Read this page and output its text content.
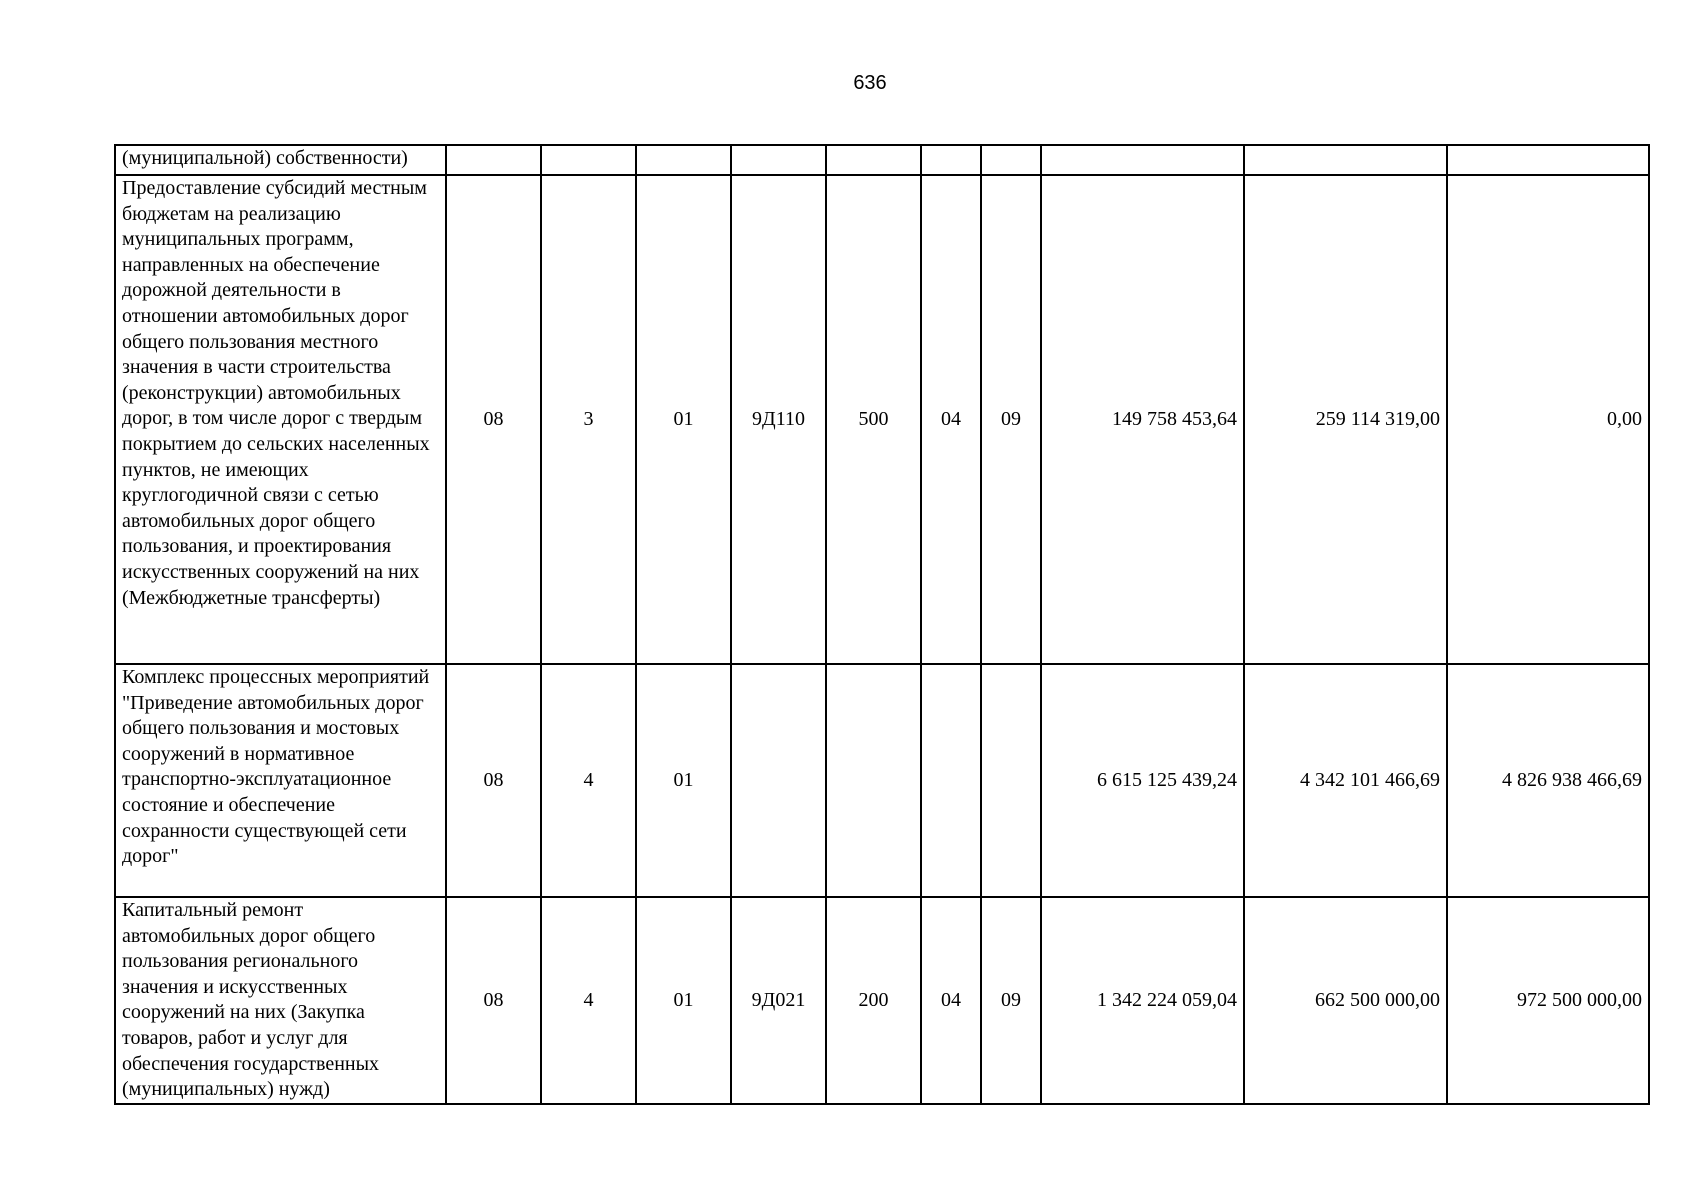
636
(муниципальной) собственности)										
Предоставление субсидий местным бюджетам на реализацию муниципальных программ, направленных на обеспечение дорожной деятельности в отношении автомобильных дорог общего пользования местного значения в части строительства (реконструкции) автомобильных дорог, в том числе дорог с твердым покрытием до сельских населенных пунктов, не имеющих круглогодичной связи с сетью автомобильных дорог общего пользования, и проектирования искусственных сооружений на них (Межбюджетные трансферты)	08	3	01	9Д110	500	04	09	149 758 453,64	259 114 319,00	0,00
Комплекс процессных мероприятий "Приведение автомобильных дорог общего пользования и мостовых сооружений в нормативное транспортно-эксплуатационное состояние и обеспечение сохранности существующей сети дорог"	08	4	01					6 615 125 439,24	4 342 101 466,69	4 826 938 466,69
Капитальный ремонт автомобильных дорог общего пользования регионального значения и искусственных сооружений на них (Закупка товаров, работ и услуг для обеспечения государственных (муниципальных) нужд)	08	4	01	9Д021	200	04	09	1 342 224 059,04	662 500 000,00	972 500 000,00
